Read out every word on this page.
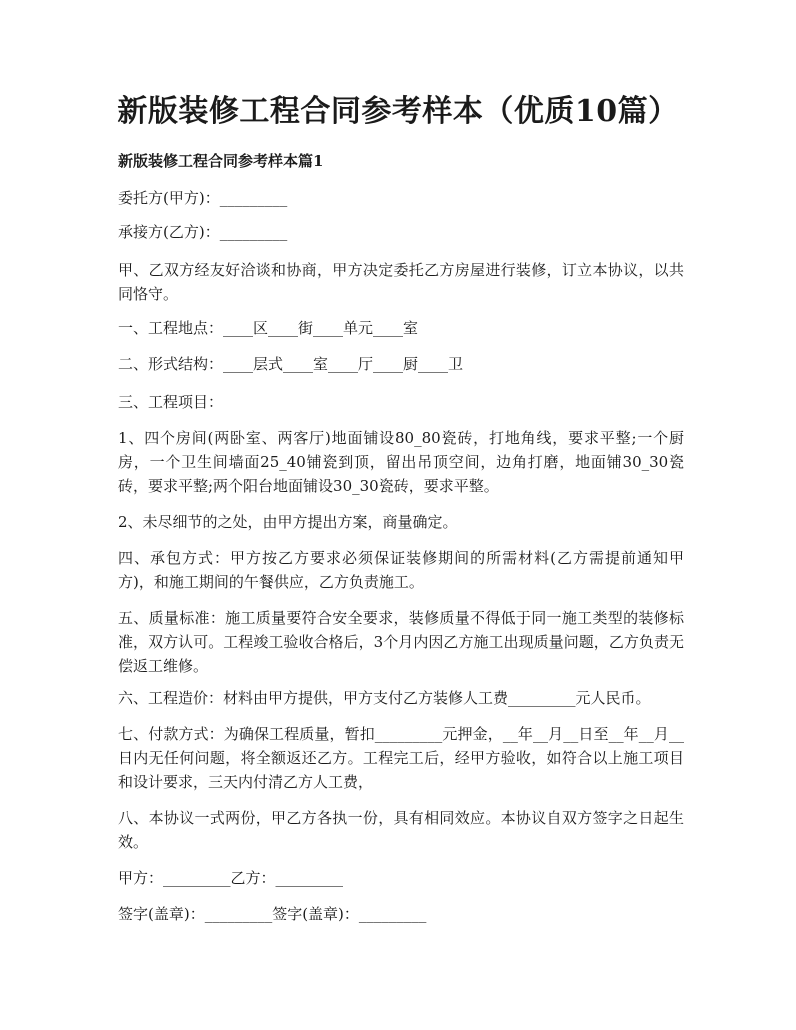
新版装修工程合同参考样本（优质10篇）
新版装修工程合同参考样本篇1

委托方(甲方)：_________

承接方(乙方)：_________

甲、乙双方经友好洽谈和协商，甲方决定委托乙方房屋进行装修，订立本协议，以共同恪守。

一、工程地点：____区____街____单元____室

二、形式结构：____层式____室____厅____厨____卫

三、工程项目：

1、四个房间(两卧室、两客厅)地面铺设80_80瓷砖，打地角线，要求平整;一个厨房，一个卫生间墙面25_40铺瓷到顶，留出吊顶空间，边角打磨，地面铺30_30瓷砖，要求平整;两个阳台地面铺设30_30瓷砖，要求平整。

2、未尽细节的之处，由甲方提出方案，商量确定。

四、承包方式：甲方按乙方要求必须保证装修期间的所需材料(乙方需提前通知甲方)，和施工期间的午餐供应，乙方负责施工。

五、质量标准：施工质量要符合安全要求，装修质量不得低于同一施工类型的装修标准，双方认可。工程竣工验收合格后，3个月内因乙方施工出现质量问题，乙方负责无偿返工维修。

六、工程造价：材料由甲方提供，甲方支付乙方装修人工费_________元人民币。

七、付款方式：为确保工程质量，暂扣_________元押金，__年__月__日至__年__月__日内无任何问题，将全额返还乙方。工程完工后，经甲方验收，如符合以上施工项目和设计要求，三天内付清乙方人工费，

八、本协议一式两份，甲乙方各执一份，具有相同效应。本协议自双方签字之日起生效。

甲方：_________乙方：_________

签字(盖章)：_________签字(盖章)：_________
